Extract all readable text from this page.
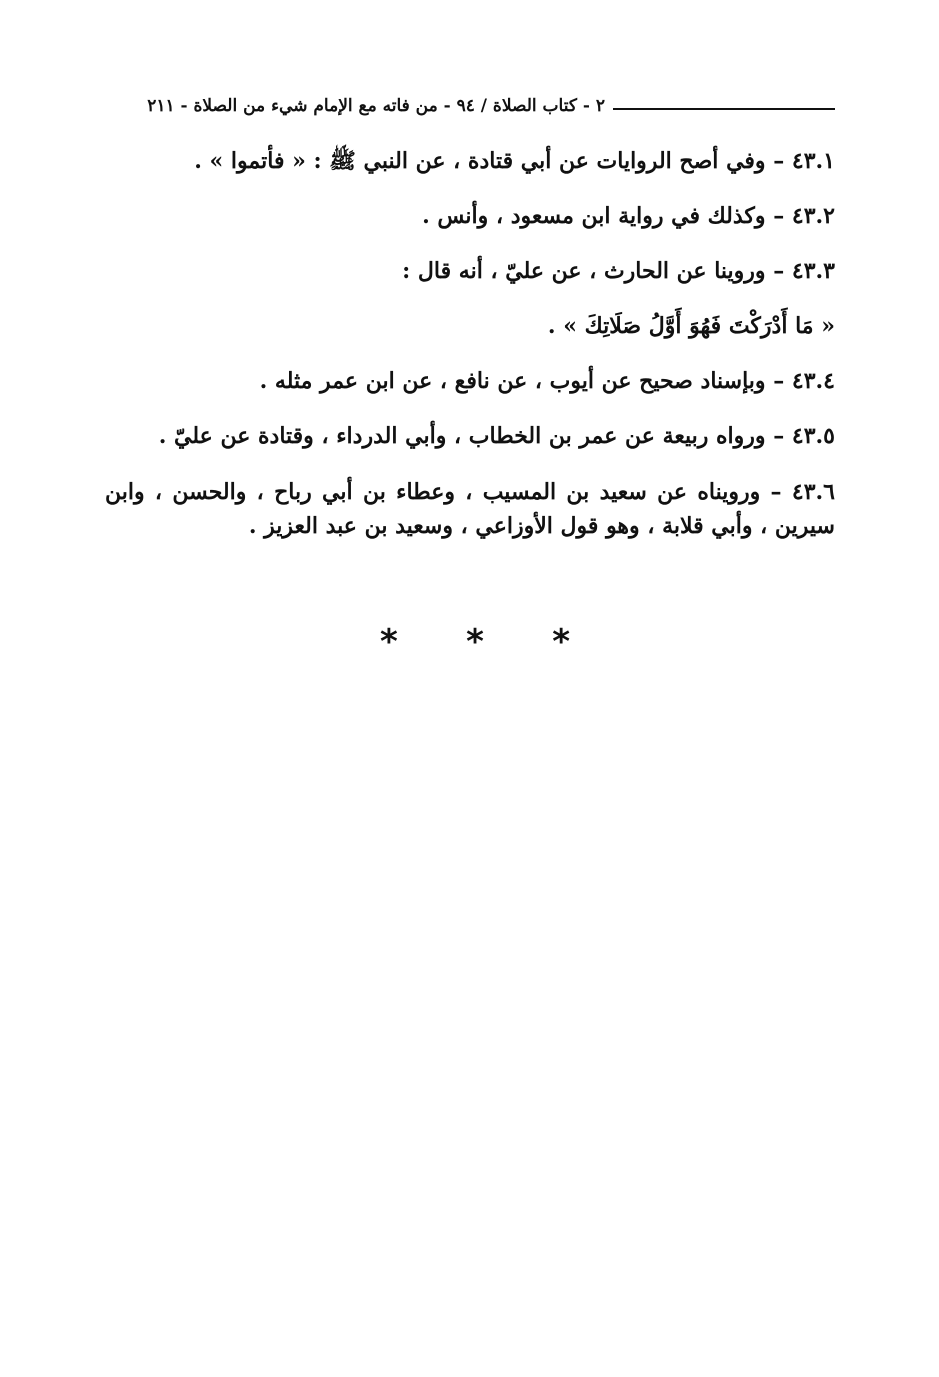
٢ - كتاب الصلاة / ٩٤ - من فاته مع الإمام شيء من الصلاة - ٢١١
٤٣.١ – وفي أصح الروايات عن أبي قتادة ، عن النبي ﷺ : « فأتموا » .
٤٣.٢ – وكذلك في رواية ابن مسعود ، وأنس .
٤٣.٣ – وروينا عن الحارث ، عن عليّ ، أنه قال :
« مَا أَدْرَكْتَ فَهُوَ أَوَّلُ صَلَاتِكَ » .
٤٣.٤ – وبإسناد صحيح عن أيوب ، عن نافع ، عن ابن عمر مثله .
٤٣.٥ – ورواه ربيعة عن عمر بن الخطاب ، وأبي الدرداء ، وقتادة عن عليّ .
٤٣.٦ – ورويناه عن سعيد بن المسيب ، وعطاء بن أبي رباح ، والحسن ، وابن سيرين ، وأبي قلابة ، وهو قول الأوزاعي ، وسعيد بن عبد العزيز .
* * *
